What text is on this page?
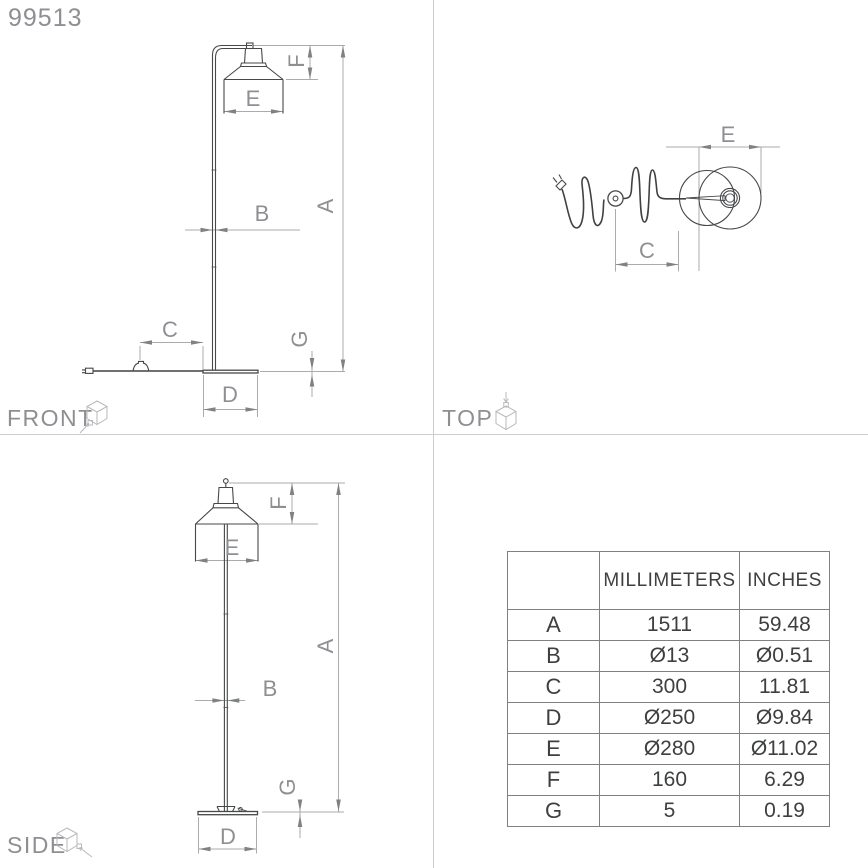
99513
E
F
A
B
C	G
D
FRONT
E
C
TOP
E
F
A
B
G
D
SIDE
	MILLIMETERS	INCHES
A	1511	59.48
B	Ø13	Ø0.51
C	300	11.81
D	Ø250	Ø9.84
E	Ø280	Ø11.02
F	160	6.29
G	5	0.19
